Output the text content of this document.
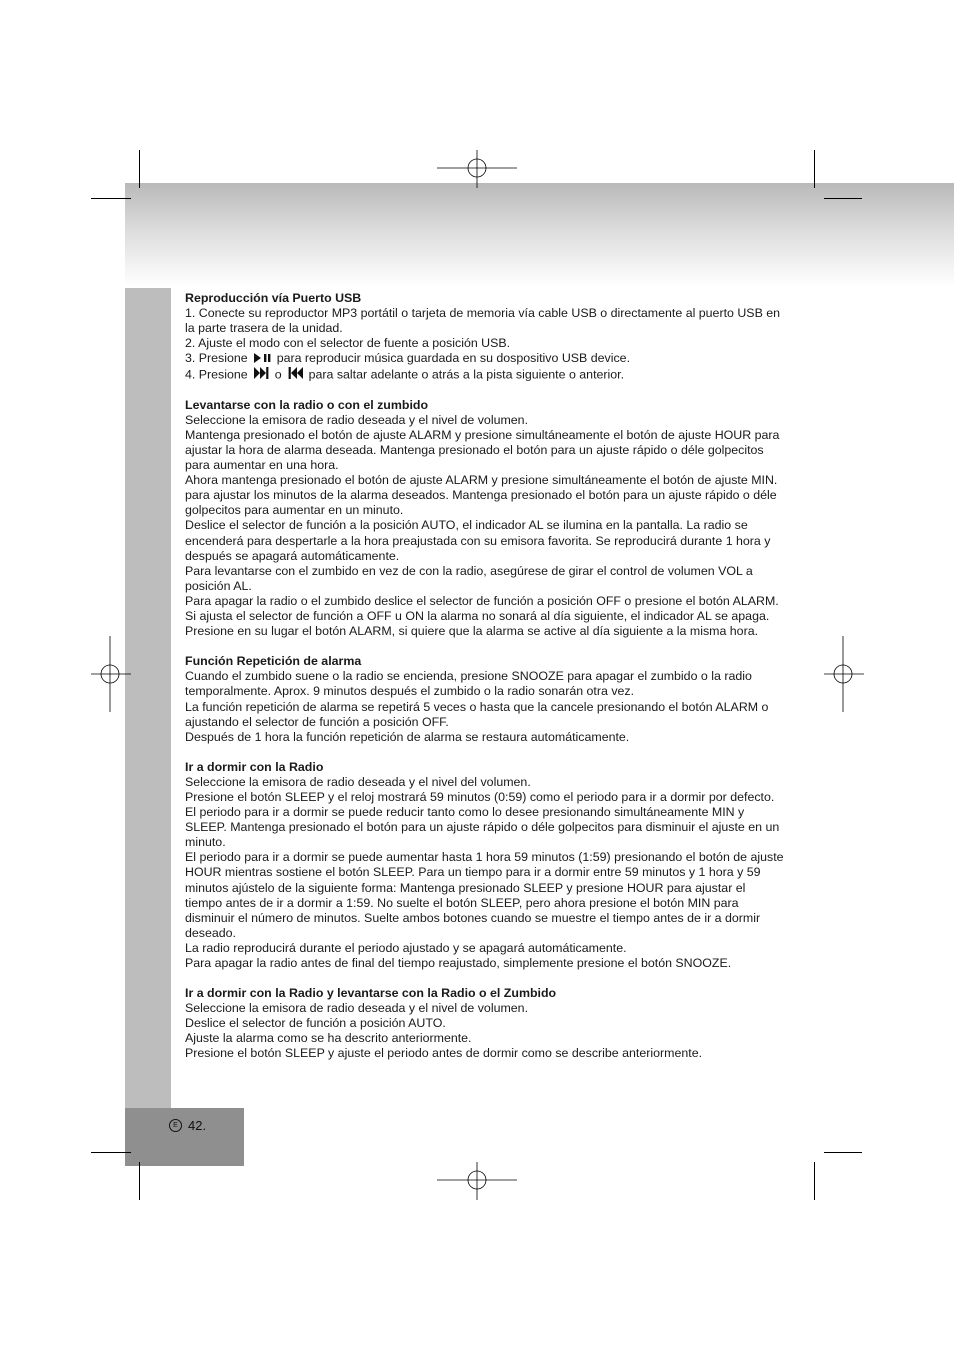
E 42.
Reproducción vía Puerto USB
1. Conecte su reproductor MP3 portátil o tarjeta de memoria vía cable USB o directamente al puerto USB en
la parte trasera de la unidad.
2. Ajuste el modo con el selector de fuente a posición USB.
3. Presione para reproducir música guardada en su dospositivo USB device.
4. Presione o para saltar adelante o atrás a la pista siguiente o anterior.
Levantarse con la radio o con el zumbido
Seleccione la emisora de radio deseada y el nivel de volumen.
Mantenga presionado el botón de ajuste ALARM y presione simultáneamente el botón de ajuste HOUR para
ajustar la hora de alarma deseada. Mantenga presionado el botón para un ajuste rápido o déle golpecitos
para aumentar en una hora.
Ahora mantenga presionado el botón de ajuste ALARM y presione simultáneamente el botón de ajuste MIN.
para ajustar los minutos de la alarma deseados. Mantenga presionado el botón para un ajuste rápido o déle
golpecitos para aumentar en un minuto.
Deslice el selector de función a la posición AUTO, el indicador AL se ilumina en la pantalla. La radio se
encenderá para despertarle a la hora preajustada con su emisora favorita. Se reproducirá durante 1 hora y
después se apagará automáticamente.
Para levantarse con el zumbido en vez de con la radio, asegúrese de girar el control de volumen VOL a
posición AL.
Para apagar la radio o el zumbido deslice el selector de función a posición OFF o presione el botón ALARM.
Si ajusta el selector de función a OFF u ON la alarma no sonará al día siguiente, el indicador AL se apaga.
Presione en su lugar el botón ALARM, si quiere que la alarma se active al día siguiente a la misma hora.
Función Repetición de alarma
Cuando el zumbido suene o la radio se encienda, presione SNOOZE para apagar el zumbido o la radio
temporalmente. Aprox. 9 minutos después el zumbido o la radio sonarán otra vez.
La función repetición de alarma se repetirá 5 veces o hasta que la cancele presionando el botón ALARM o
ajustando el selector de función a posición OFF.
Después de 1 hora la función repetición de alarma se restaura automáticamente.
Ir a dormir con la Radio
Seleccione la emisora de radio deseada y el nivel del volumen.
Presione el botón SLEEP y el reloj mostrará 59 minutos (0:59) como el periodo para ir a dormir por defecto.
El periodo para ir a dormir se puede reducir tanto como lo desee presionando simultáneamente MIN y
SLEEP. Mantenga presionado el botón para un ajuste rápido o déle golpecitos para disminuir el ajuste en un
minuto.
El periodo para ir a dormir se puede aumentar hasta 1 hora 59 minutos (1:59) presionando el botón de ajuste
HOUR mientras sostiene el botón SLEEP. Para un tiempo para ir a dormir entre 59 minutos y 1 hora y 59
minutos ajústelo de la siguiente forma: Mantenga presionado SLEEP y presione HOUR para ajustar el
tiempo antes de ir a dormir a 1:59. No suelte el botón SLEEP, pero ahora presione el botón MIN para
disminuir el número de minutos. Suelte ambos botones cuando se muestre el tiempo antes de ir a dormir
deseado.
La radio reproducirá durante el periodo ajustado y se apagará automáticamente.
Para apagar la radio antes de final del tiempo reajustado, simplemente presione el botón SNOOZE.
Ir a dormir con la Radio y levantarse con la Radio o el Zumbido
Seleccione la emisora de radio deseada y el nivel de volumen.
Deslice el selector de función a posición AUTO.
Ajuste la alarma como se ha descrito anteriormente.
Presione el botón SLEEP y ajuste el periodo antes de dormir como se describe anteriormente.
